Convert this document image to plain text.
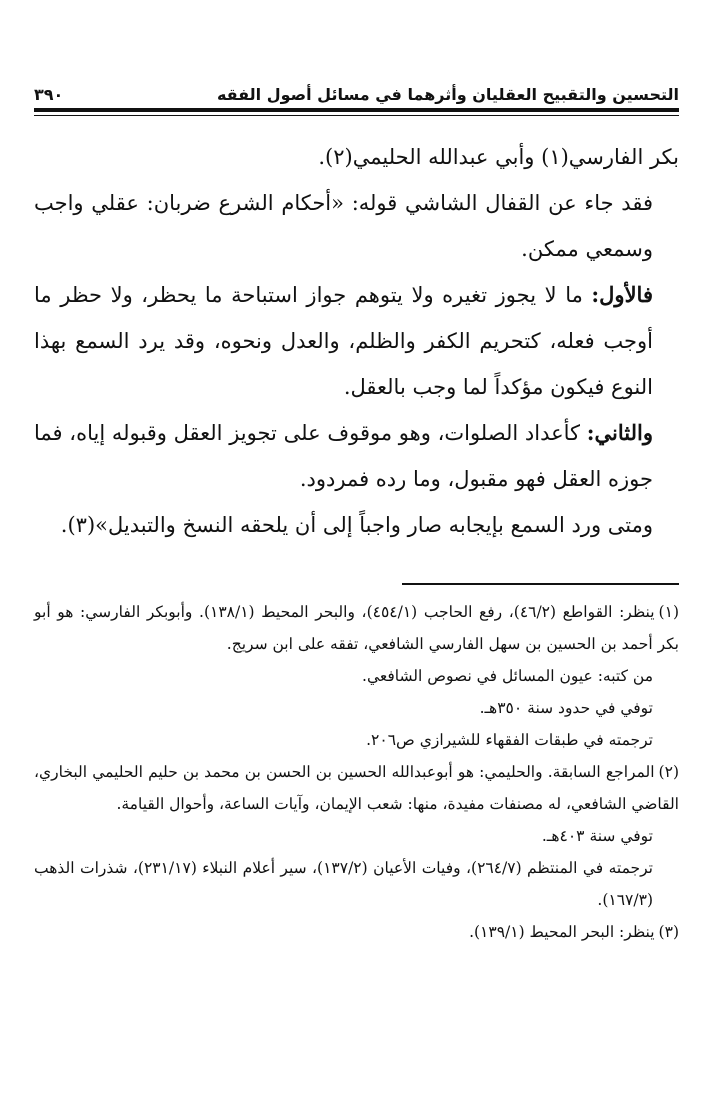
التحسين والتقبيح العقليان وأثرهما في مسائل أصول الفقه
٣٩٠

بكر الفارسي(١) وأبي عبدالله الحليمي(٢).

فقد جاء عن القفال الشاشي قوله: «أحكام الشرع ضربان: عقلي واجب وسمعي ممكن.

فالأول: ما لا يجوز تغيره ولا يتوهم جواز استباحة ما يحظر، ولا حظر ما أوجب فعله، كتحريم الكفر والظلم، والعدل ونحوه، وقد يرد السمع بهذا النوع فيكون مؤكداً لما وجب بالعقل.

والثاني: كأعداد الصلوات، وهو موقوف على تجويز العقل وقبوله إياه، فما جوزه العقل فهو مقبول، وما رده فمردود.

ومتى ورد السمع بإيجابه صار واجباً إلى أن يلحقه النسخ والتبديل»(٣).

(١)ينظر: القواطع (٤٦/٢)، رفع الحاجب (٤٥٤/١)، والبحر المحيط (١٣٨/١). وأبوبكر الفارسي: هو أبو بكر أحمد بن الحسين بن سهل الفارسي الشافعي، تفقه على ابن سريج.

من كتبه: عيون المسائل في نصوص الشافعي.

توفي في حدود سنة ٣٥٠هـ.

ترجمته في طبقات الفقهاء للشيرازي ص٢٠٦.

(٢)المراجع السابقة. والحليمي: هو أبوعبدالله الحسين بن الحسن بن محمد بن حليم الحليمي البخاري، القاضي الشافعي، له مصنفات مفيدة، منها: شعب الإيمان، وآيات الساعة، وأحوال القيامة.

توفي سنة ٤٠٣هـ.

ترجمته في المنتظم (٢٦٤/٧)، وفيات الأعيان (١٣٧/٢)، سير أعلام النبلاء (٢٣١/١٧)، شذرات الذهب (١٦٧/٣).

(٣)ينظر: البحر المحيط (١٣٩/١).
